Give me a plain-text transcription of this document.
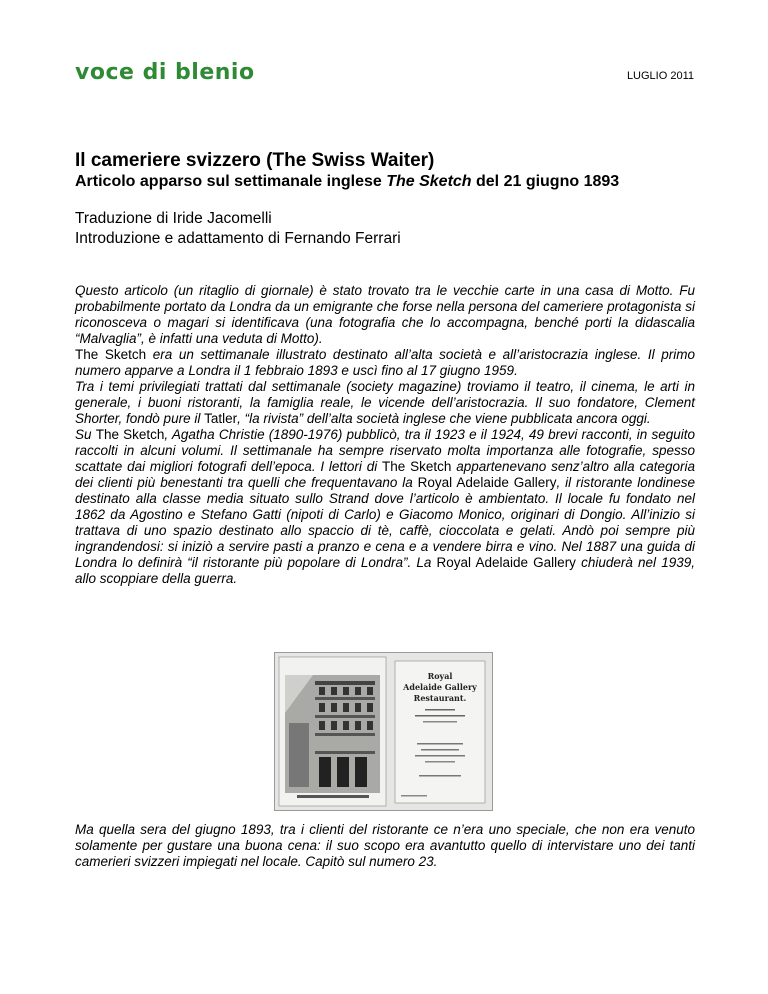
voce di blenio	LUGLIO 2011
Il cameriere svizzero (The Swiss Waiter)
Articolo apparso sul settimanale inglese The Sketch del 21 giugno 1893
Traduzione di Iride Jacomelli
Introduzione e adattamento di Fernando Ferrari

Questo articolo (un ritaglio di giornale) è stato trovato tra le vecchie carte in una casa di Motto. Fu probabilmente portato da Londra da un emigrante che forse nella persona del cameriere protagonista si riconosceva o magari si identificava (una fotografia che lo accompagna, benché porti la didascalia “Malvaglia”, è infatti una veduta di Motto).

The Sketch era un settimanale illustrato destinato all’alta società e all’aristocrazia inglese. Il primo numero apparve a Londra il 1 febbraio 1893 e uscì fino al 17 giugno 1959.

Tra i temi privilegiati trattati dal settimanale (society magazine) troviamo il teatro, il cinema, le arti in generale, i buoni ristoranti, la famiglia reale, le vicende dell’aristocrazia. Il suo fondatore, Clement Shorter, fondò pure il Tatler, “la rivista” dell’alta società inglese che viene pubblicata ancora oggi.

Su The Sketch, Agatha Christie (1890-1976) pubblicò, tra il 1923 e il 1924, 49 brevi racconti, in seguito raccolti in alcuni volumi. Il settimanale ha sempre riservato molta importanza alle fotografie, spesso scattate dai migliori fotografi dell’epoca. I lettori di The Sketch appartenevano senz’altro alla categoria dei clienti più benestanti tra quelli che frequentavano la Royal Adelaide Gallery, il ristorante londinese destinato alla classe media situato sullo Strand dove l’articolo è ambientato. Il locale fu fondato nel 1862 da Agostino e Stefano Gatti (nipoti di Carlo) e Giacomo Monico, originari di Dongio. All’inizio si trattava di uno spazio destinato allo spaccio di tè, caffè, cioccolata e gelati. Andò poi sempre più ingrandendosi: si iniziò a servire pasti a pranzo e cena e a vendere birra e vino. Nel 1887 una guida di Londra lo definirà “il ristorante più popolare di Londra”. La Royal Adelaide Gallery chiuderà nel 1939, allo scoppiare della guerra.

Royal
Adelaide Gallery
Restaurant.
Ma quella sera del giugno 1893, tra i clienti del ristorante ce n’era uno speciale, che non era venuto solamente per gustare una buona cena: il suo scopo era avantutto quello di intervistare uno dei tanti camerieri svizzeri impiegati nel locale. Capitò sul numero 23.
